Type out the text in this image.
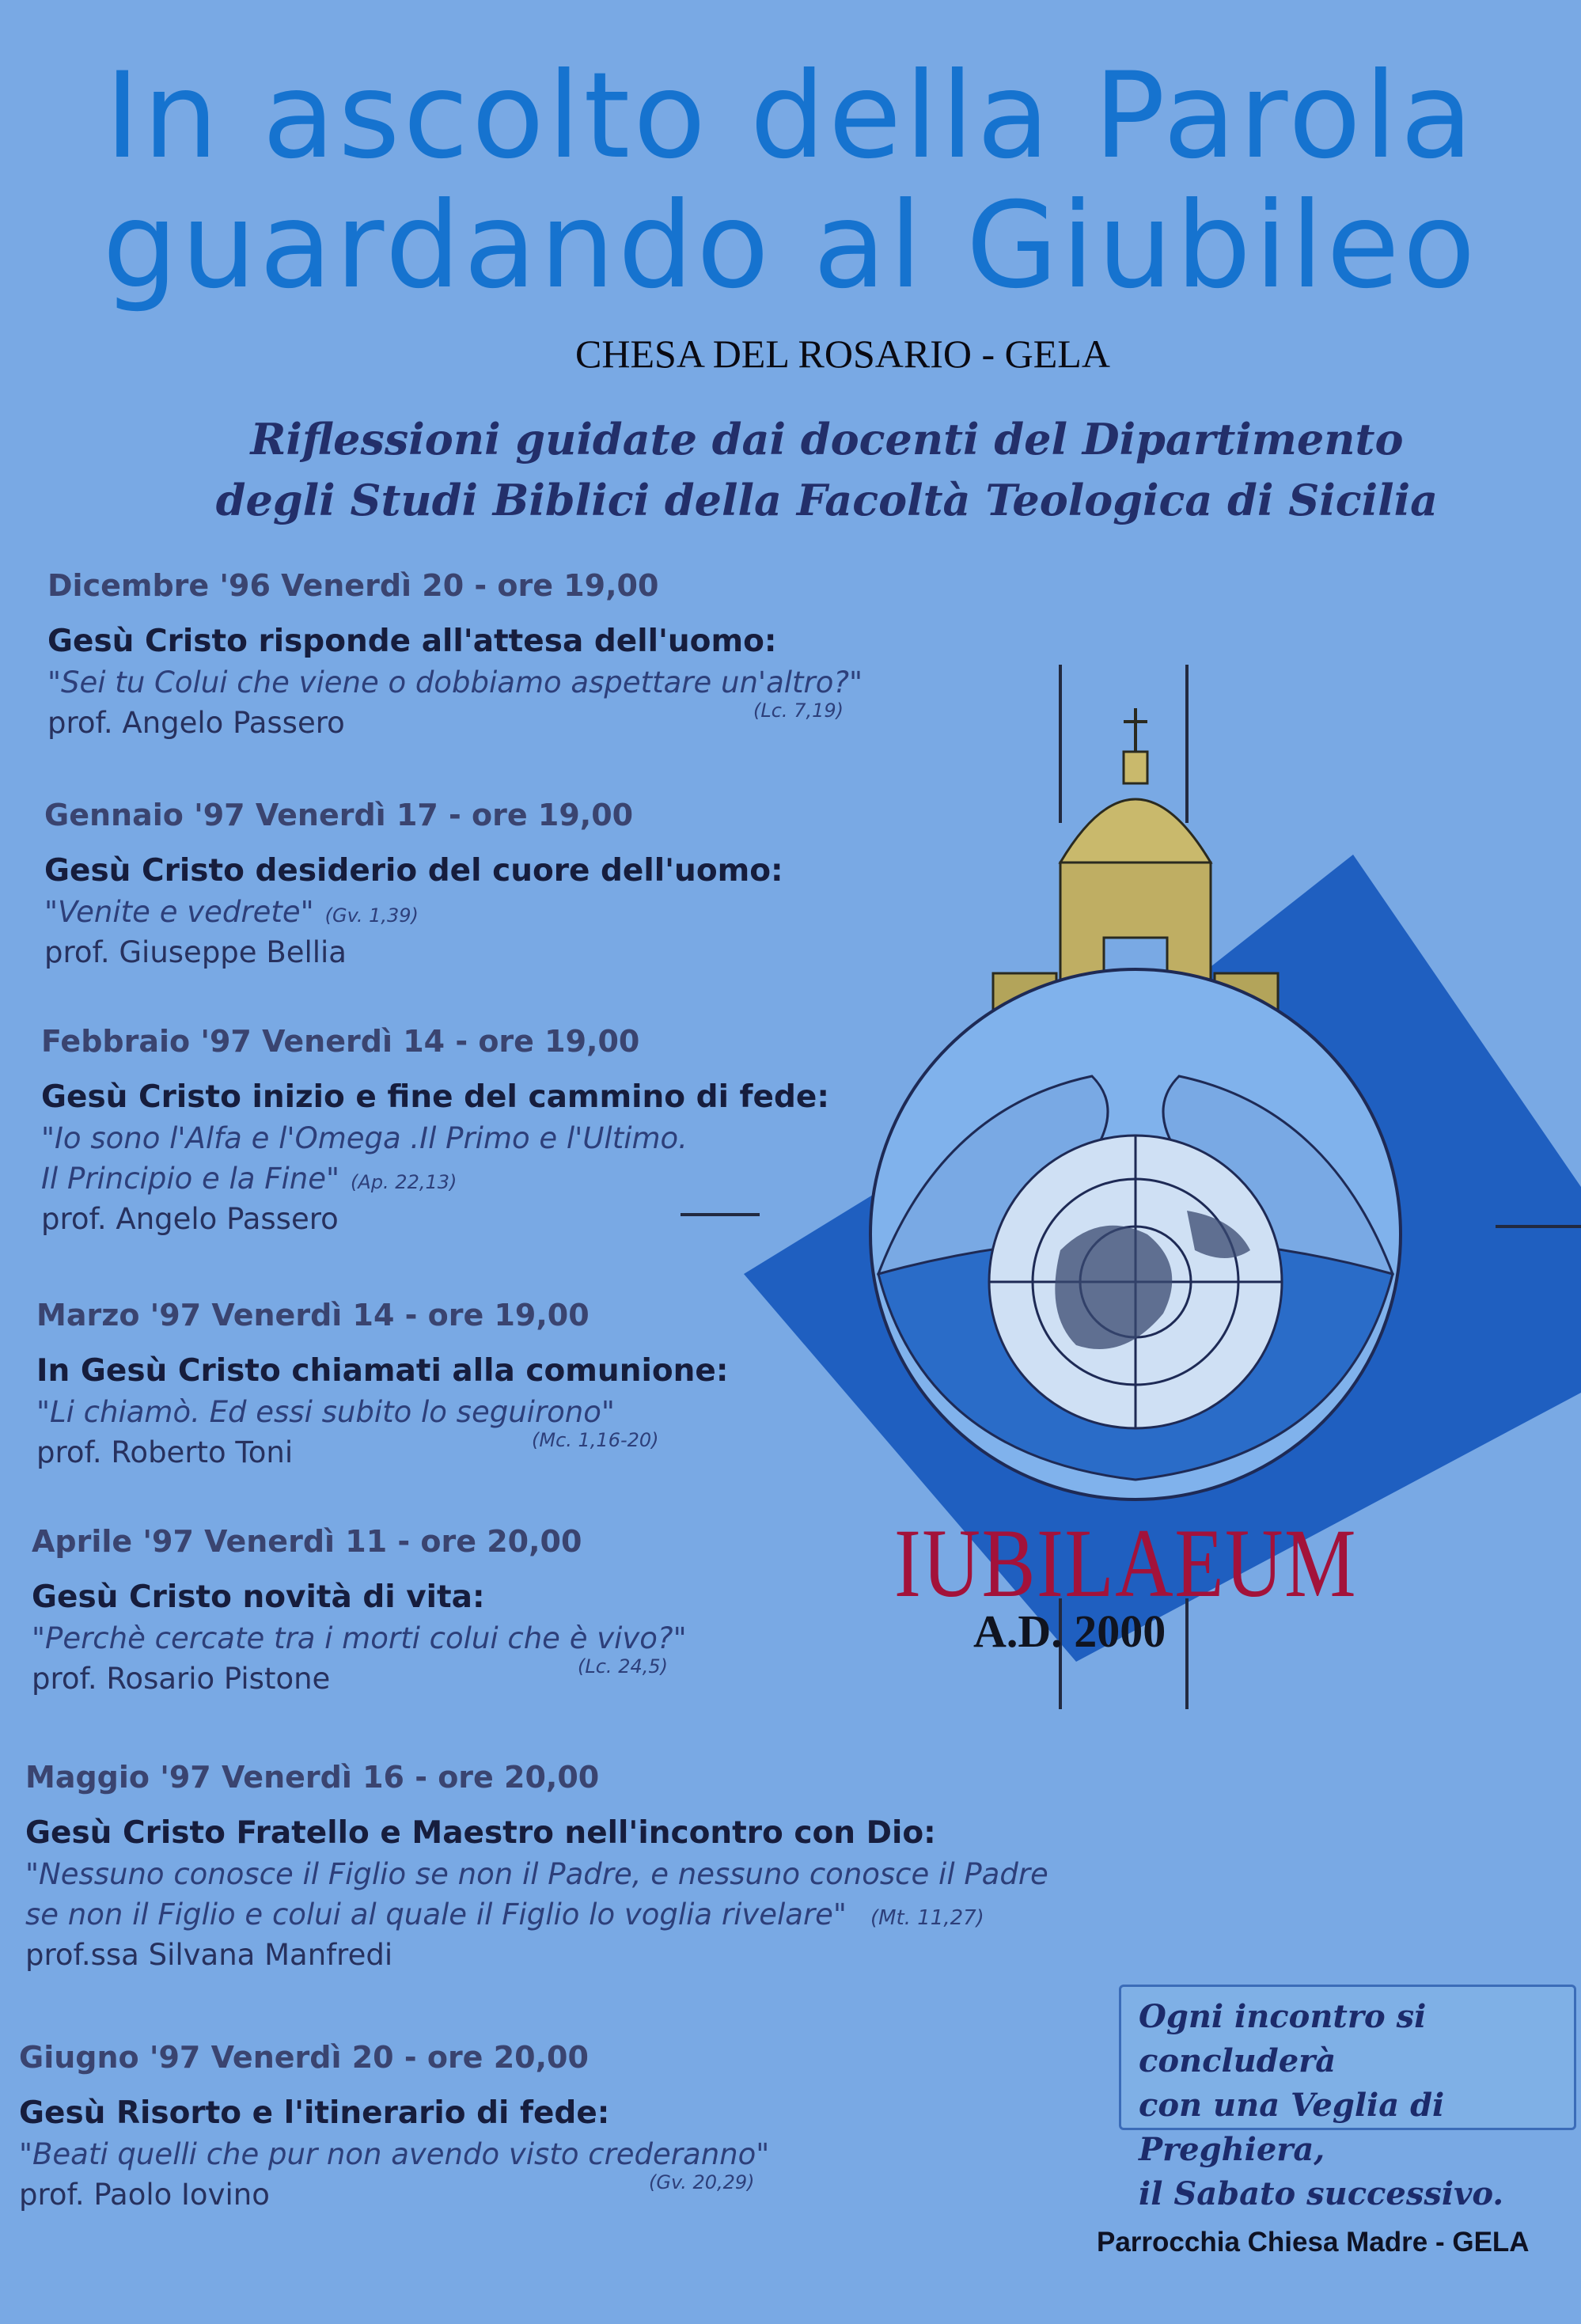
In ascolto della Parola
guardando al Giubileo
CHESA DEL ROSARIO - GELA
Riflessioni guidate dai docenti del Dipartimento
degli Studi Biblici della Facoltà Teologica di Sicilia
Dicembre '96 Venerdì 20 - ore 19,00
Gesù Cristo risponde all'attesa dell'uomo:
"Sei tu Colui che viene o dobbiamo aspettare un'altro?"
prof. Angelo Passero	(Lc. 7,19)
Gennaio '97 Venerdì 17 - ore 19,00
Gesù Cristo desiderio del cuore dell'uomo:
"Venite e vedrete" (Gv. 1,39)
prof. Giuseppe Bellia
Febbraio '97 Venerdì 14 - ore 19,00
Gesù Cristo inizio e fine del cammino di fede:
"Io sono l'Alfa e l'Omega .Il Primo e l'Ultimo.
Il Principio e la Fine" (Ap. 22,13)
prof. Angelo Passero
Marzo '97 Venerdì 14 - ore 19,00
In Gesù Cristo chiamati alla comunione:
"Li chiamò. Ed essi subito lo seguirono"
prof. Roberto Toni	(Mc. 1,16-20)
Aprile '97 Venerdì 11 - ore 20,00
Gesù Cristo novità di vita:
"Perchè cercate tra i morti colui che è vivo?"
prof. Rosario Pistone	(Lc. 24,5)
Maggio '97 Venerdì 16 - ore 20,00
Gesù Cristo Fratello e Maestro nell'incontro con Dio:
"Nessuno conosce il Figlio se non il Padre, e nessuno conosce il Padre
se non il Figlio e colui al quale il Figlio lo voglia rivelare" (Mt. 11,27)
prof.ssa Silvana Manfredi
Giugno '97 Venerdì 20 - ore 20,00
Gesù Risorto e l'itinerario di fede:
"Beati quelli che pur non avendo visto crederanno"
prof. Paolo Iovino	(Gv. 20,29)
IUBILAEUM
A.D. 2000
Ogni incontro si concluderà
con una Veglia di Preghiera,
il Sabato successivo.
Parrocchia Chiesa Madre - GELA
